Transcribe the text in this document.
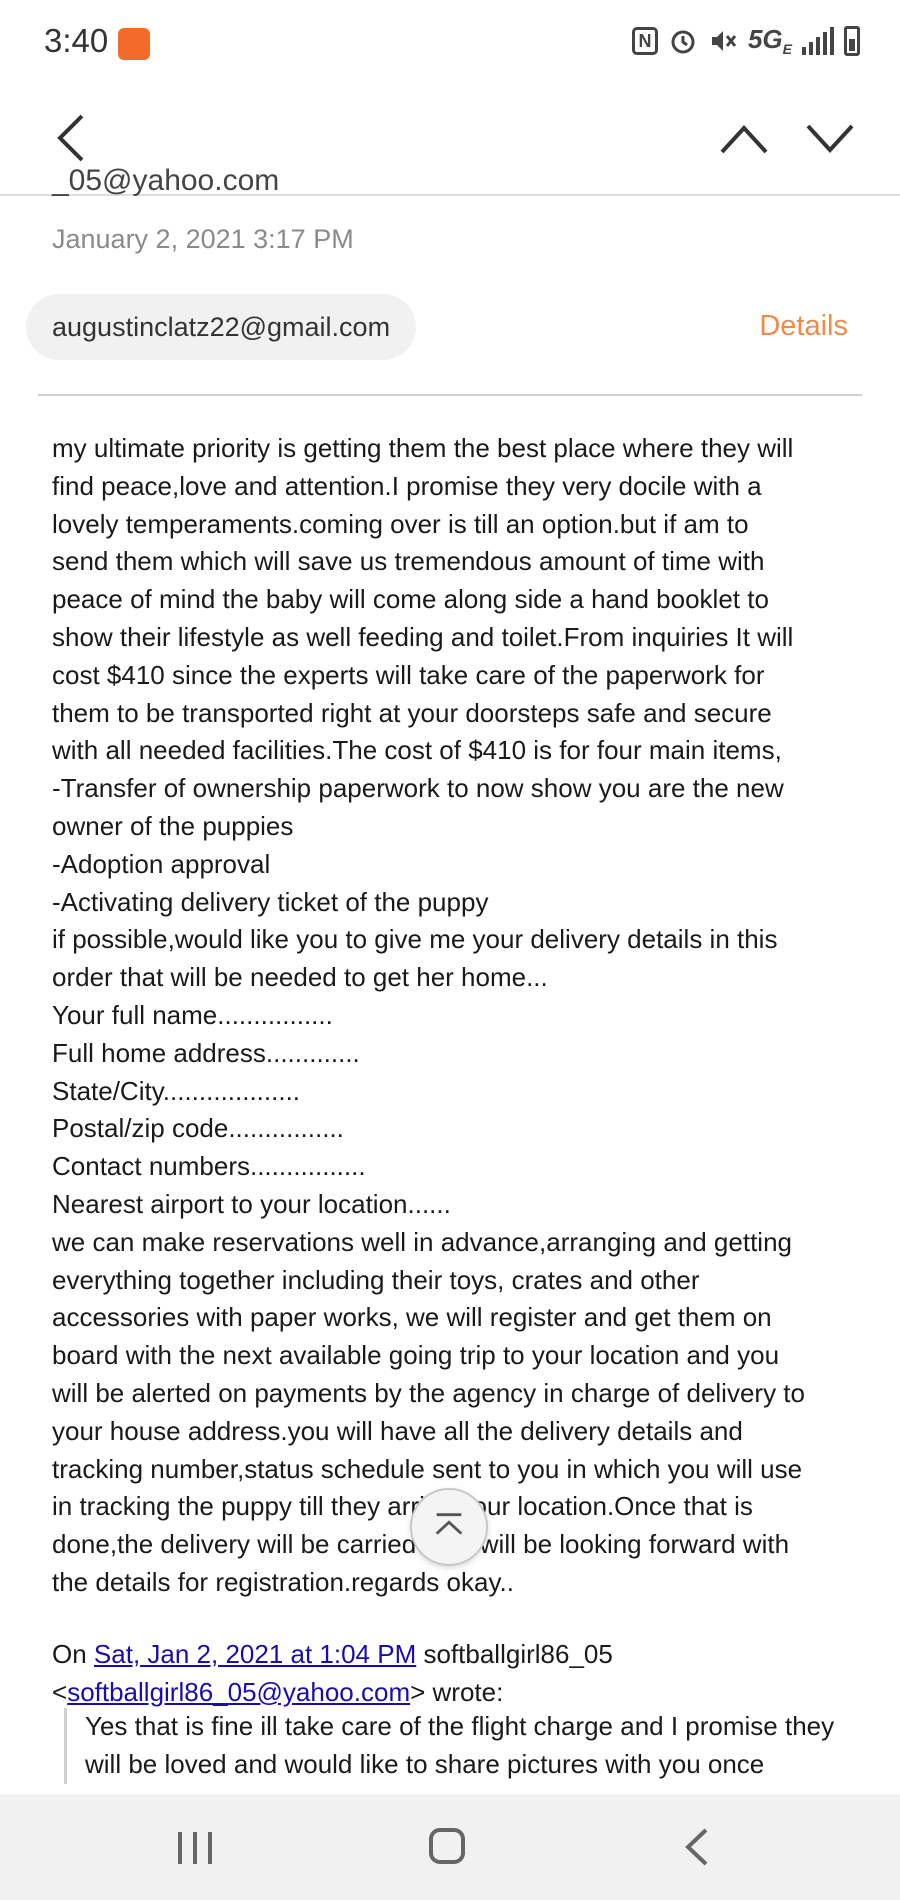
3:40	N	$5G_E$
_05@yahoo.com
January 2, 2021 3:17 PM
augustinclatz22@gmail.com	Details
my ultimate priority is getting them the best place where they will
find peace,love and attention.I promise they very docile with a
lovely temperaments.coming over is till an option.but if am to
send them which will save us tremendous amount of time with
peace of mind the baby will come along side a hand booklet to
show their lifestyle as well feeding and toilet.From inquiries It will
cost $410 since the experts will take care of the paperwork for
them to be transported right at your doorsteps safe and secure
with all needed facilities.The cost of $410 is for four main items,
-Transfer of ownership paperwork to now show you are the new
owner of the puppies
-Adoption approval
-Activating delivery ticket of the puppy
if possible,would like you to give me your delivery details in this
order that will be needed to get her home...
Your full name................
Full home address.............
State/City...................
Postal/zip code................
Contact numbers................
Nearest airport to your location......
we can make reservations well in advance,arranging and getting
everything together including their toys, crates and other
accessories with paper works, we will register and get them on
board with the next available going trip to your location and you
will be alerted on payments by the agency in charge of delivery to
your house address.you will have all the delivery details and
tracking number,status schedule sent to you in which you will use
in tracking the puppy till they arrive your location.Once that is
done,the delivery will be carried out.i will be looking forward with
the details for registration.regards okay..
On Sat, Jan 2, 2021 at 1:04 PM softballgirl86_05
<softballgirl86_05@yahoo.com> wrote:
Yes that is fine ill take care of the flight charge and I promise they
will be loved and would like to share pictures with you once
